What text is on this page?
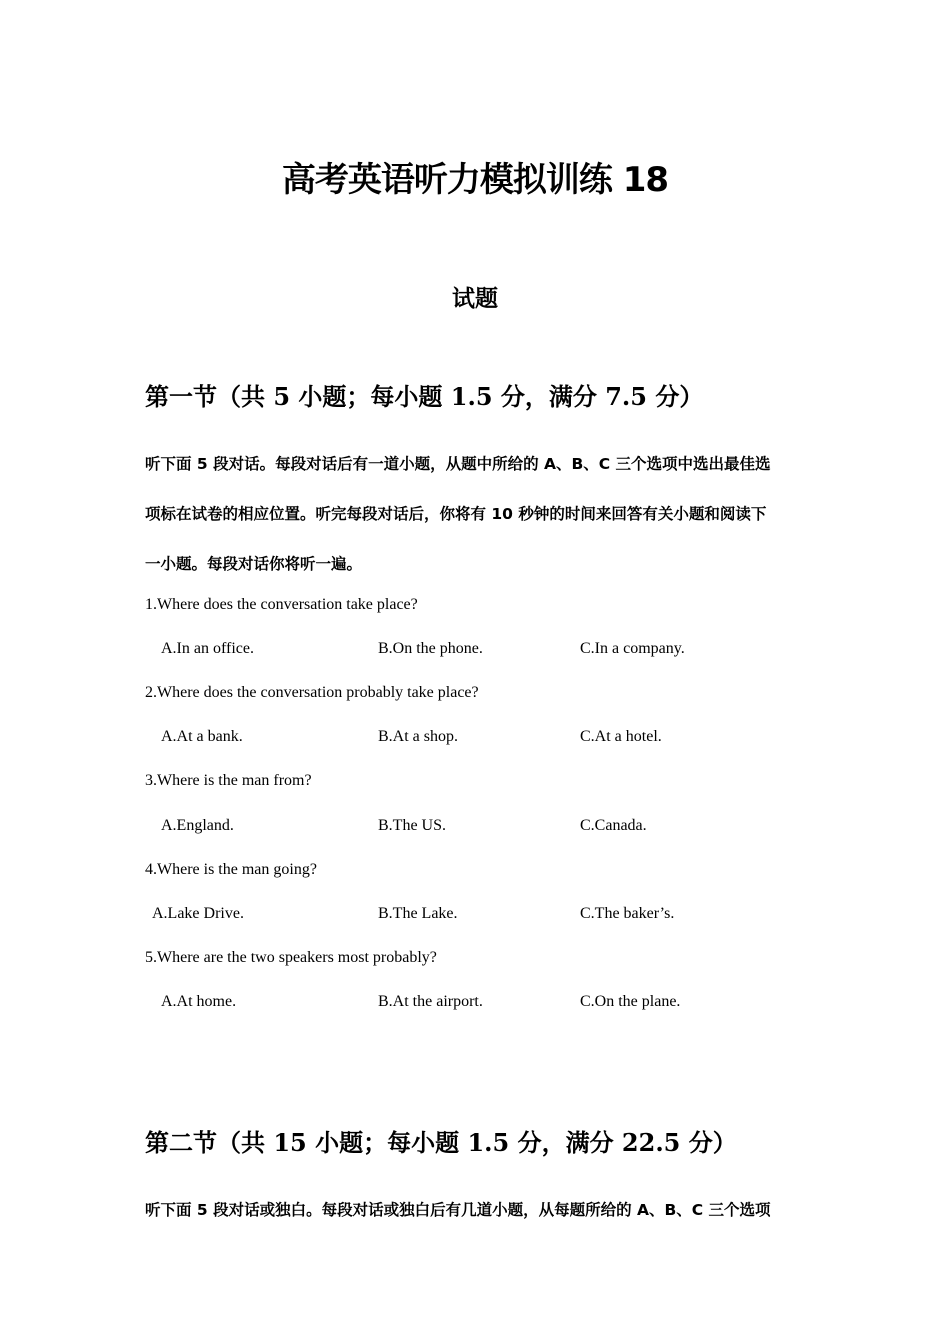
高考英语听力模拟训练 18
试题
第一节（共 5 小题；每小题 1.5 分，满分 7.5 分）

听下面 5 段对话。每段对话后有一道小题，从题中所给的 A、B、C 三个选项中选出最佳选

项标在试卷的相应位置。听完每段对话后，你将有 10 秒钟的时间来回答有关小题和阅读下

一小题。每段对话你将听一遍。

1.Where does the conversation take place?
A.In an office.	B.On the phone.	C.In a company.
2.Where does the conversation probably take place?
A.At a bank.	B.At a shop.	C.At a hotel.
3.Where is the man from?
A.England.	B.The US.	C.Canada.
4.Where is the man going?
A.Lake Drive.	B.The Lake.	C.The baker’s.
5.Where are the two speakers most probably?
A.At home.	B.At the airport.	C.On the plane.
第二节（共 15 小题；每小题 1.5 分，满分 22.5 分）

听下面 5 段对话或独白。每段对话或独白后有几道小题，从每题所给的 A、B、C 三个选项
